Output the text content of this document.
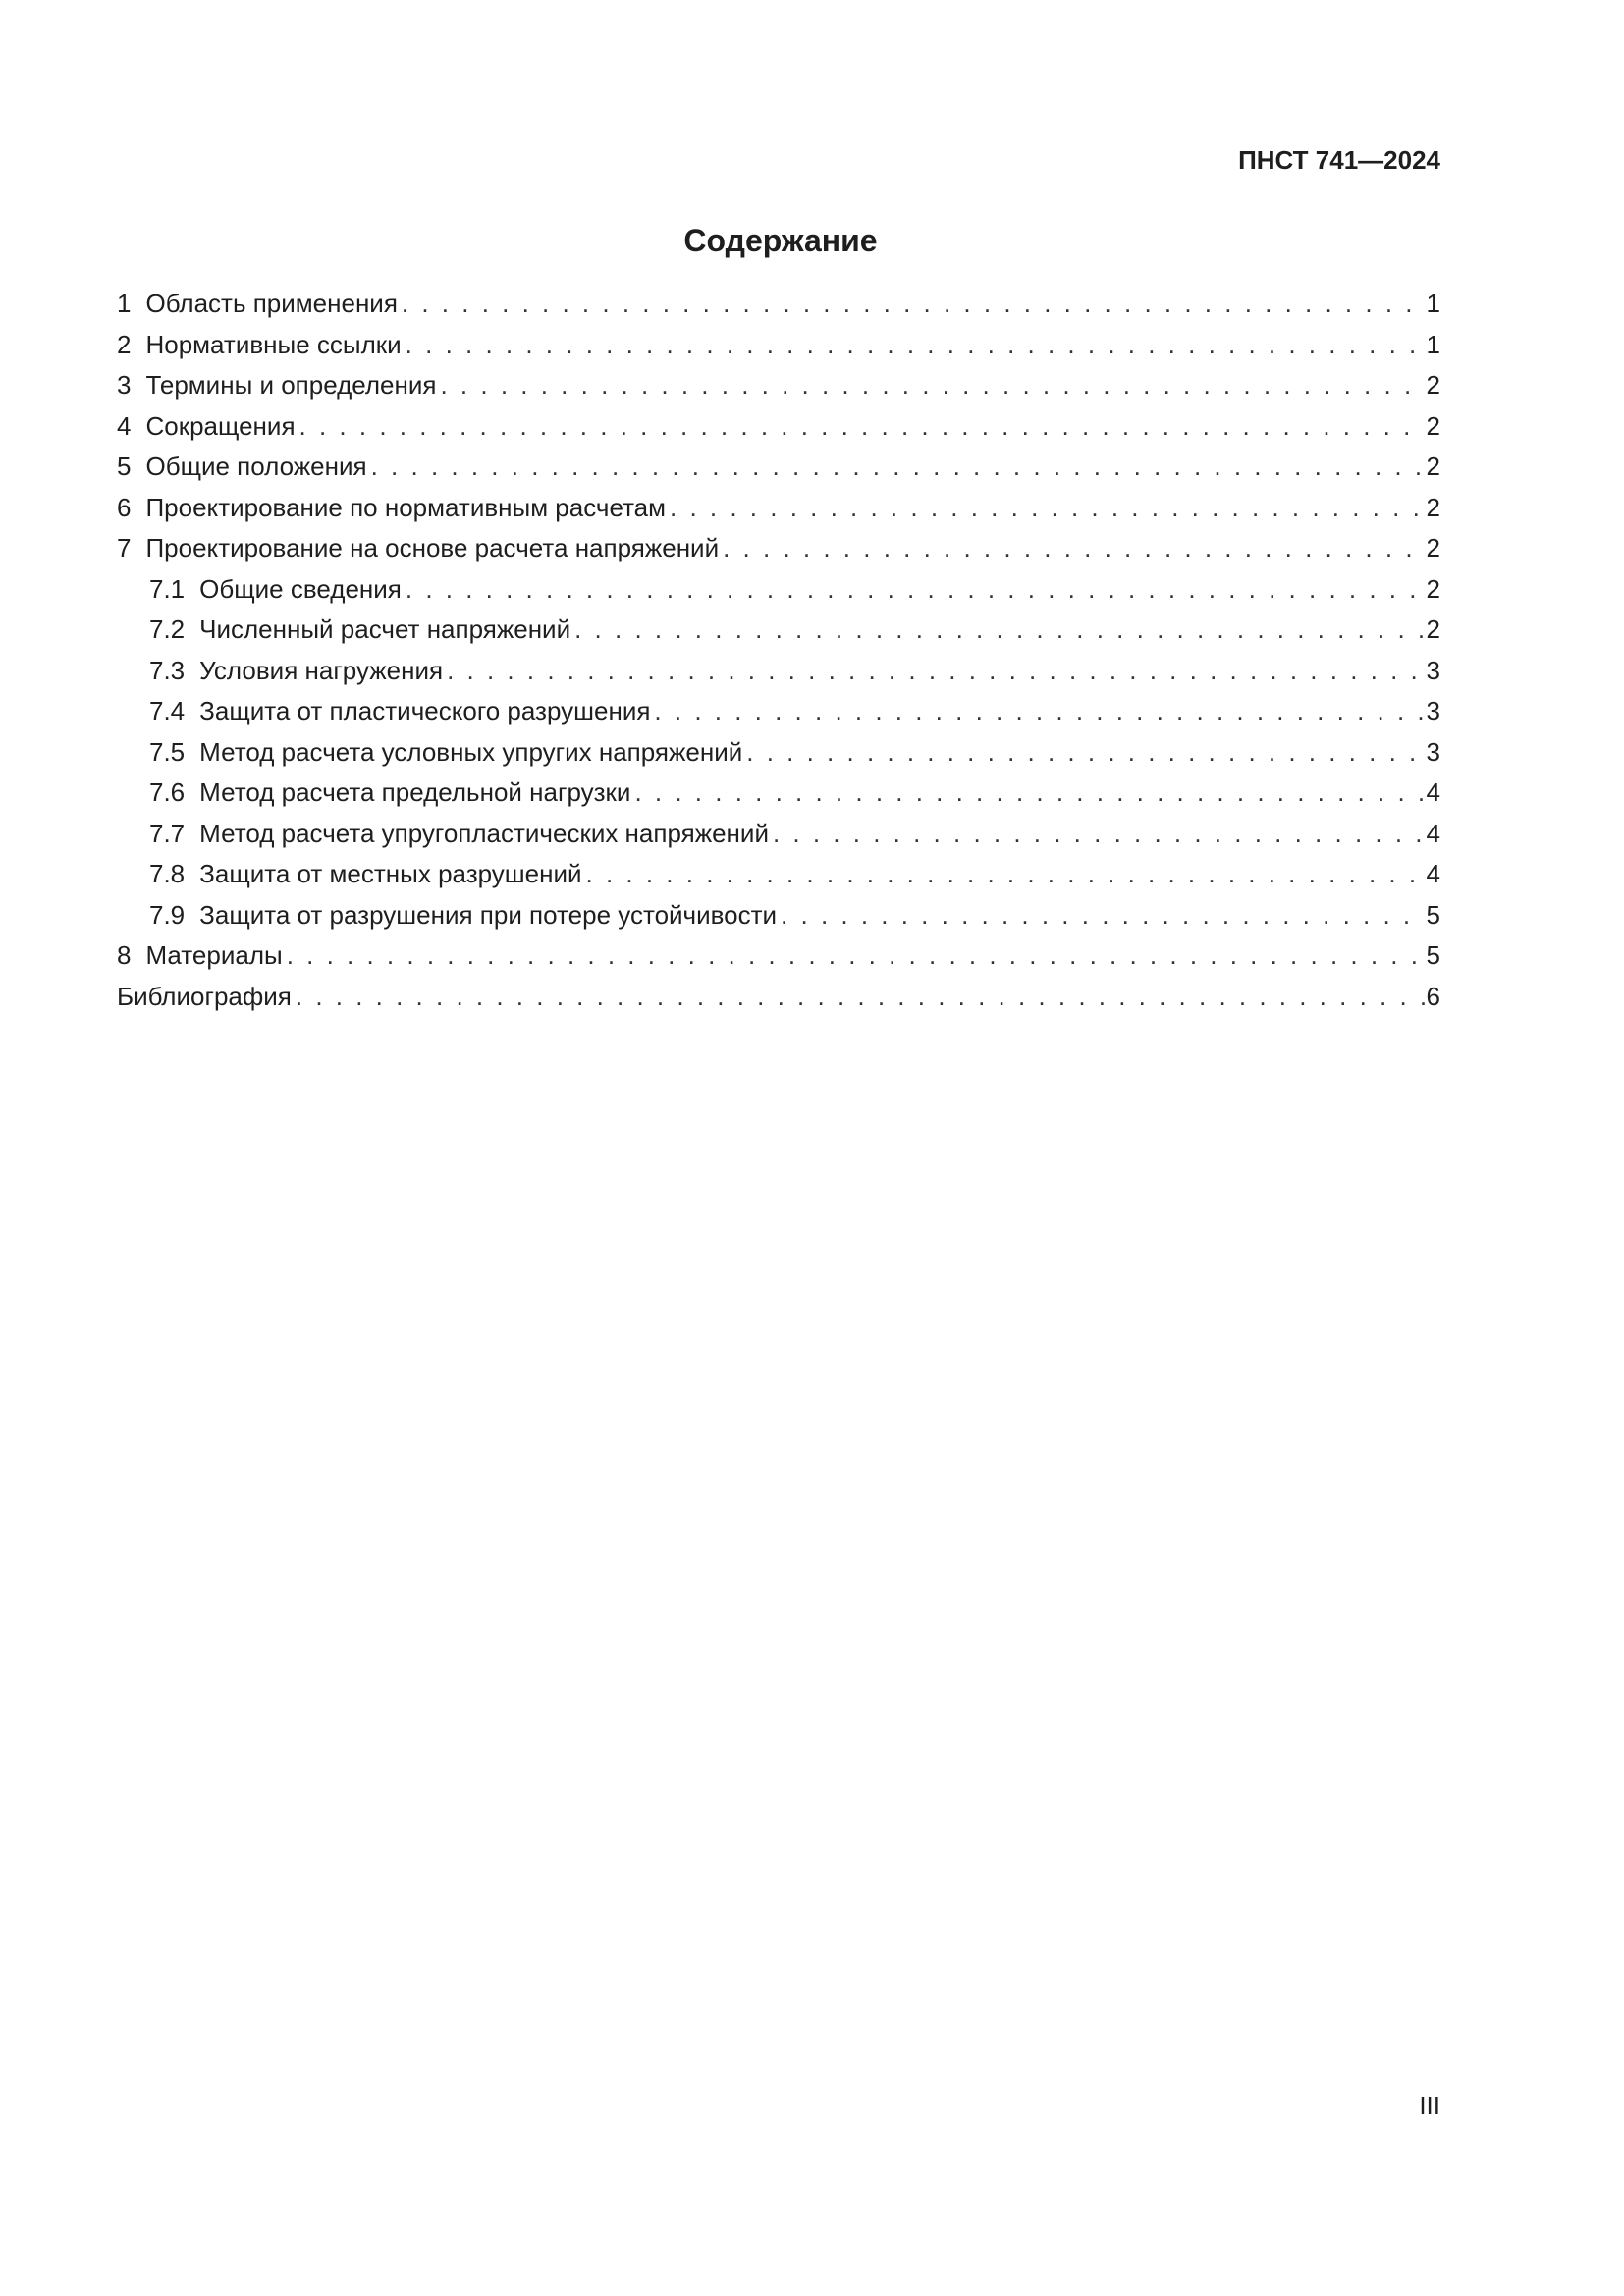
ПНСТ 741—2024
Содержание
1 Область применения . . .	1
2 Нормативные ссылки . . .	1
3 Термины и определения . . .	2
4 Сокращения . . .	2
5 Общие положения . . .	2
6 Проектирование по нормативным расчетам . . .	2
7 Проектирование на основе расчета напряжений . . .	2
7.1 Общие сведения . . .	2
7.2 Численный расчет напряжений . . .	2
7.3 Условия нагружения . . .	3
7.4 Защита от пластического разрушения . . .	3
7.5 Метод расчета условных упругих напряжений . . .	3
7.6 Метод расчета предельной нагрузки . . .	4
7.7 Метод расчета упругопластических напряжений . . .	4
7.8 Защита от местных разрушений . . .	4
7.9 Защита от разрушения при потере устойчивости . . .	5
8 Материалы . . .	5
Библиография . . .	6
III
